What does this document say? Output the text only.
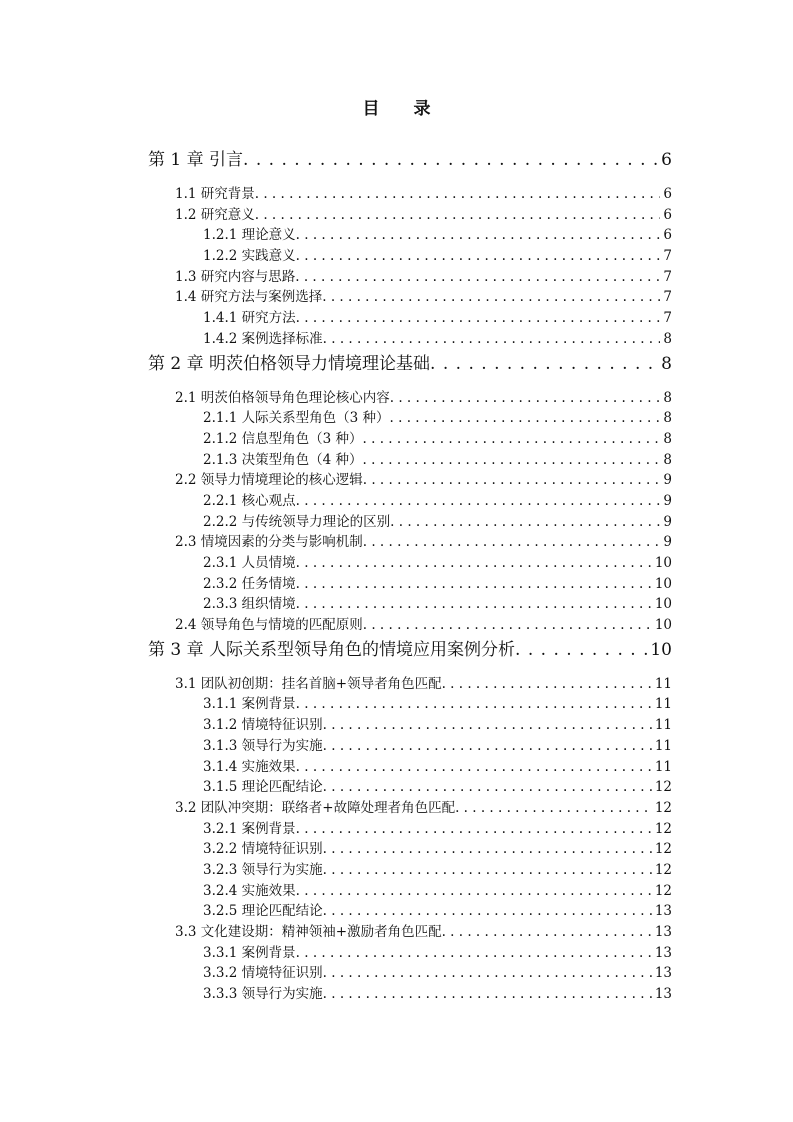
目 录
第 1 章 引言 . . .	6
1.1 研究背景 . . .	6
1.2 研究意义 . . .	6
1.2.1 理论意义 . . .	6
1.2.2 实践意义 . . .	7
1.3 研究内容与思路 . . .	7
1.4 研究方法与案例选择 . . .	7
1.4.1 研究方法 . . .	7
1.4.2 案例选择标准 . . .	8
第 2 章 明茨伯格领导力情境理论基础 . . .	8
2.1 明茨伯格领导角色理论核心内容 . . .	8
2.1.1 人际关系型角色（3 种） . . .	8
2.1.2 信息型角色（3 种） . . .	8
2.1.3 决策型角色（4 种） . . .	8
2.2 领导力情境理论的核心逻辑 . . .	9
2.2.1 核心观点 . . .	9
2.2.2 与传统领导力理论的区别 . . .	9
2.3 情境因素的分类与影响机制 . . .	9
2.3.1 人员情境 . . .	10
2.3.2 任务情境 . . .	10
2.3.3 组织情境 . . .	10
2.4 领导角色与情境的匹配原则 . . .	10
第 3 章 人际关系型领导角色的情境应用案例分析 . . .	10
3.1 团队初创期：挂名首脑+领导者角色匹配 . . .	11
3.1.1 案例背景 . . .	11
3.1.2 情境特征识别 . . .	11
3.1.3 领导行为实施 . . .	11
3.1.4 实施效果 . . .	11
3.1.5 理论匹配结论 . . .	12
3.2 团队冲突期：联络者+故障处理者角色匹配 . . .	12
3.2.1 案例背景 . . .	12
3.2.2 情境特征识别 . . .	12
3.2.3 领导行为实施 . . .	12
3.2.4 实施效果 . . .	12
3.2.5 理论匹配结论 . . .	13
3.3 文化建设期：精神领袖+激励者角色匹配 . . .	13
3.3.1 案例背景 . . .	13
3.3.2 情境特征识别 . . .	13
3.3.3 领导行为实施 . . .	13
